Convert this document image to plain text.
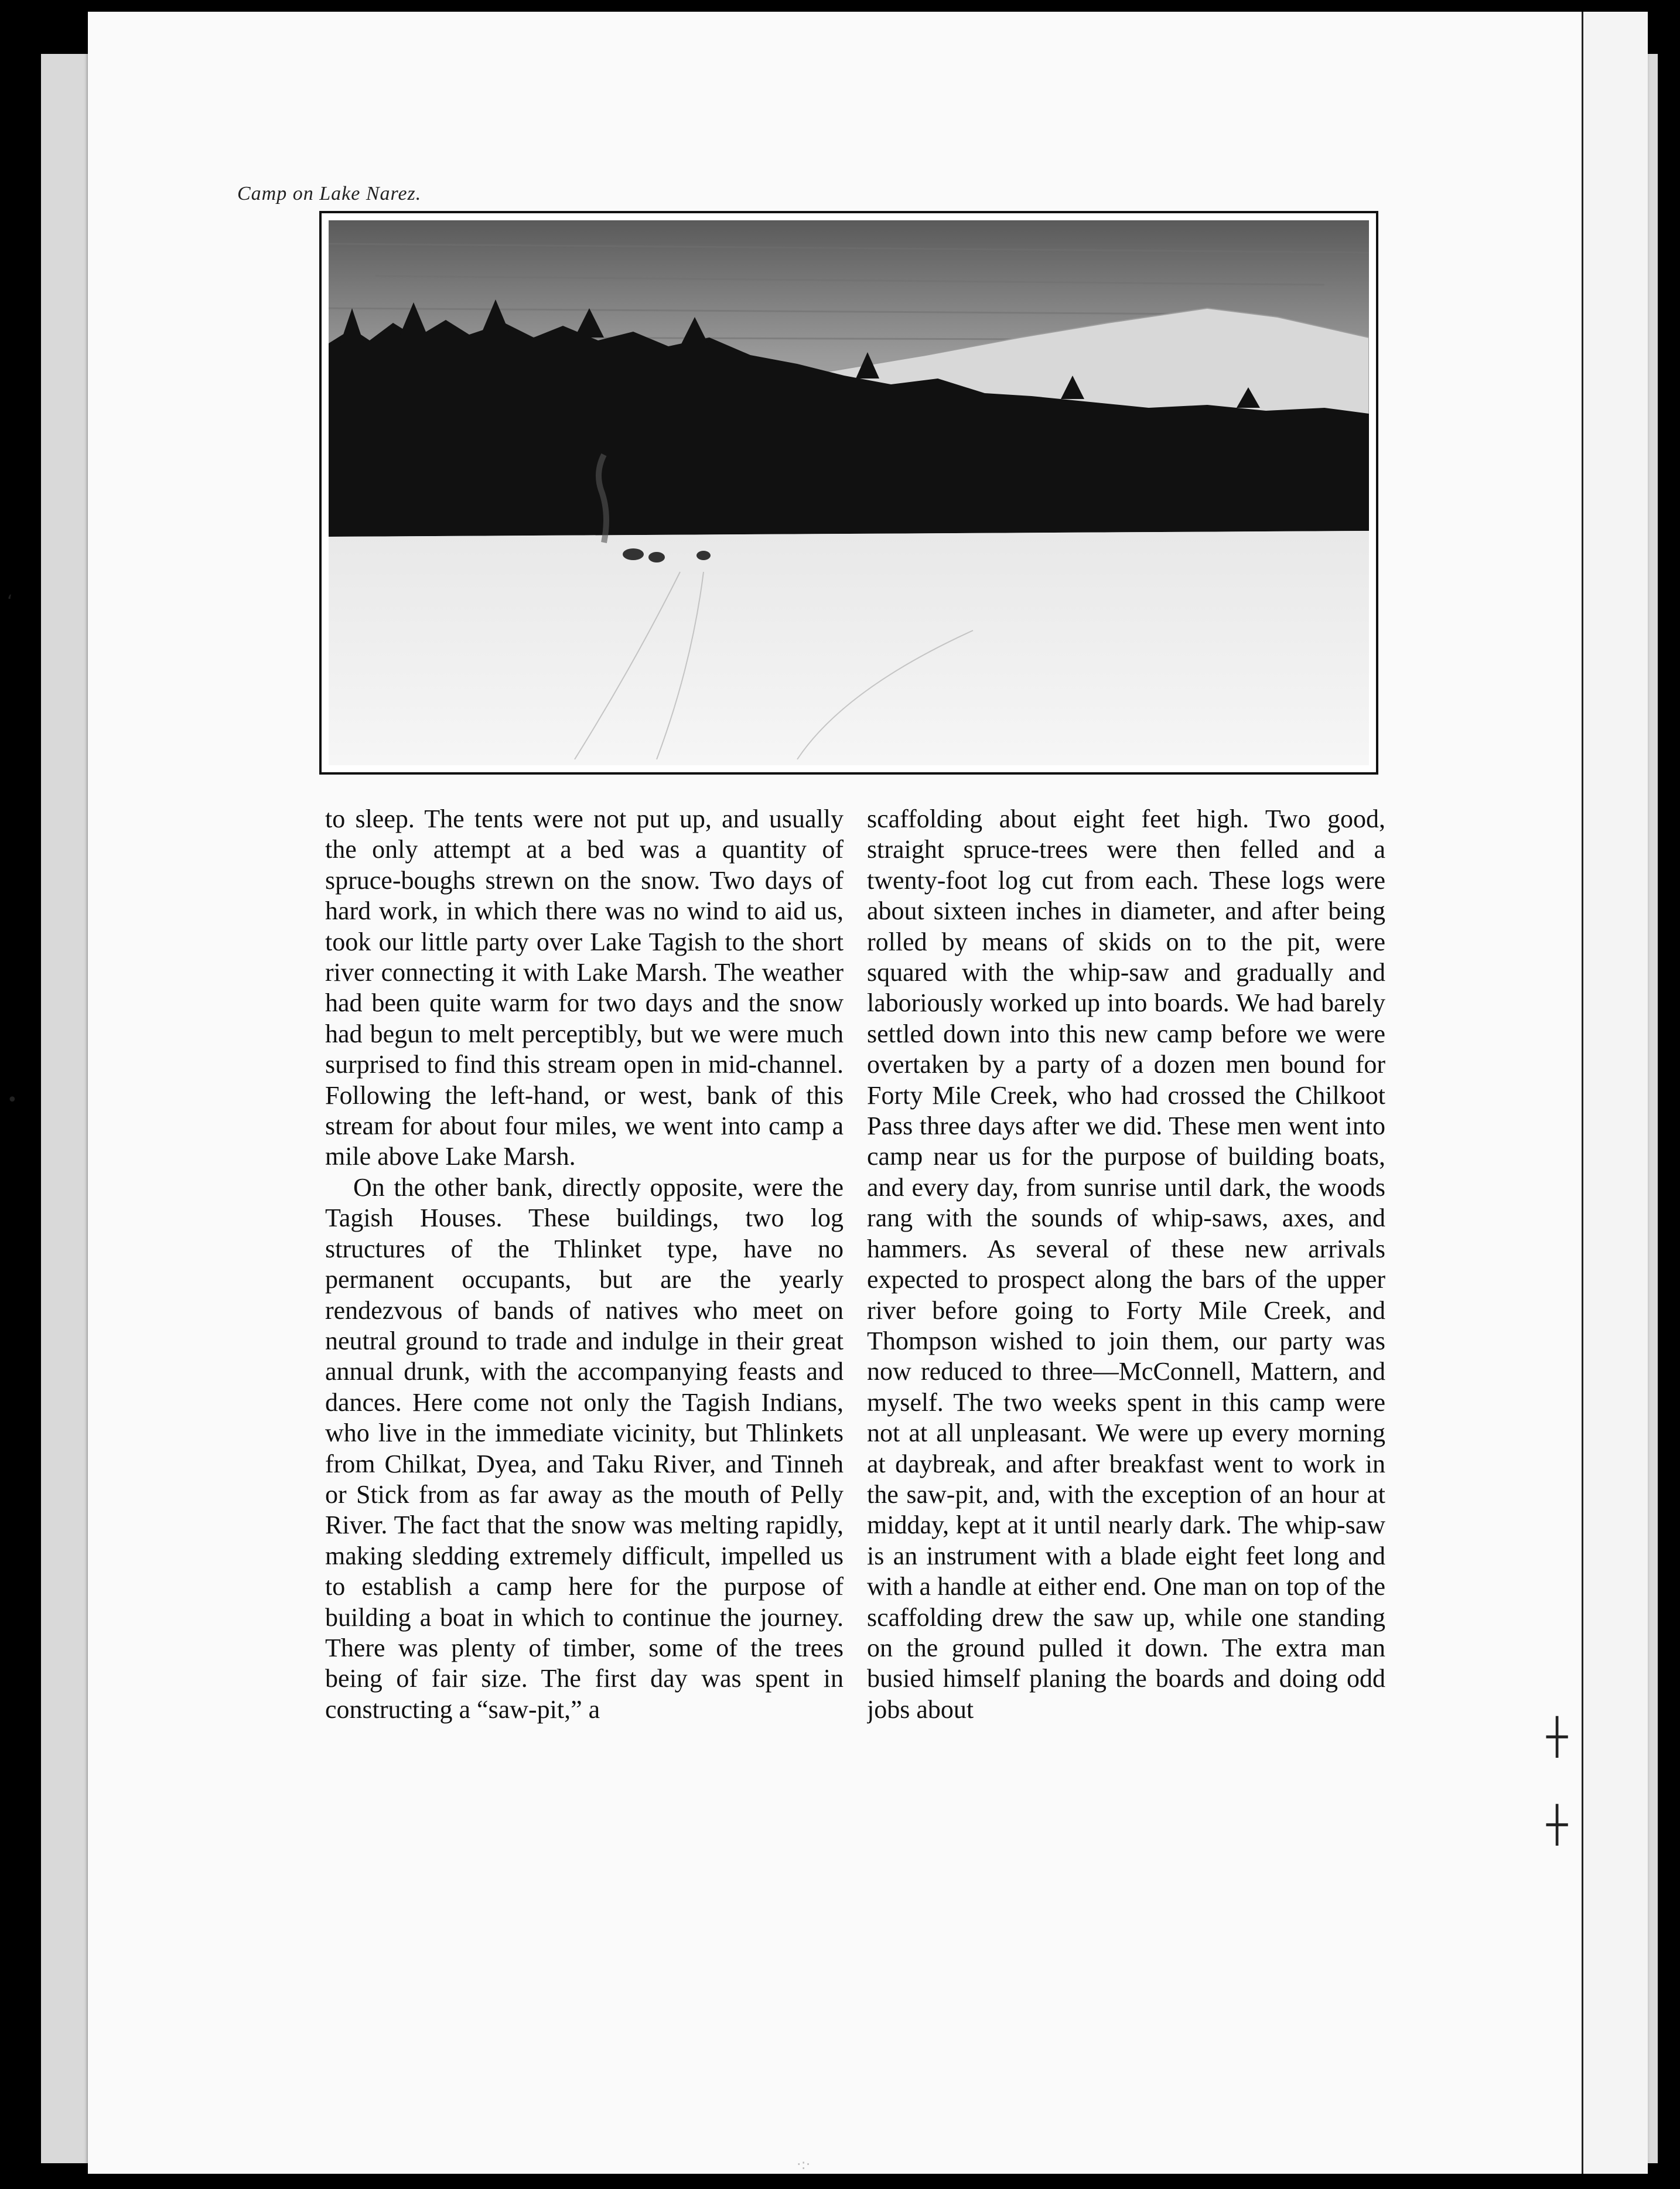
Camp on Lake Narez.

to sleep. The tents were not put up, and usually the only attempt at a bed was a quantity of spruce-boughs strewn on the snow. Two days of hard work, in which there was no wind to aid us, took our little party over Lake Tagish to the short river connecting it with Lake Marsh. The weather had been quite warm for two days and the snow had begun to melt perceptibly, but we were much surprised to find this stream open in mid-channel. Following the left-hand, or west, bank of this stream for about four miles, we went into camp a mile above Lake Marsh.

On the other bank, directly opposite, were the Tagish Houses. These buildings, two log structures of the Thlinket type, have no permanent occupants, but are the yearly rendezvous of bands of natives who meet on neutral ground to trade and indulge in their great annual drunk, with the accompanying feasts and dances. Here come not only the Tagish Indians, who live in the immediate vicinity, but Thlinkets from Chilkat, Dyea, and Taku River, and Tinneh or Stick from as far away as the mouth of Pelly River. The fact that the snow was melting rapidly, making sledding extremely difficult, impelled us to establish a camp here for the purpose of building a boat in which to continue the journey. There was plenty of timber, some of the trees being of fair size. The first day was spent in constructing a “saw-pit,” a

scaffolding about eight feet high. Two good, straight spruce-trees were then felled and a twenty-foot log cut from each. These logs were about sixteen inches in diameter, and after being rolled by means of skids on to the pit, were squared with the whip-saw and gradually and laboriously worked up into boards. We had barely settled down into this new camp before we were overtaken by a party of a dozen men bound for Forty Mile Creek, who had crossed the Chilkoot Pass three days after we did. These men went into camp near us for the purpose of building boats, and every day, from sunrise until dark, the woods rang with the sounds of whip-saws, axes, and hammers. As several of these new arrivals expected to prospect along the bars of the upper river before going to Forty Mile Creek, and Thompson wished to join them, our party was now reduced to three—McConnell, Mattern, and myself. The two weeks spent in this camp were not at all unpleasant. We were up every morning at daybreak, and after breakfast went to work in the saw-pit, and, with the exception of an hour at midday, kept at it until nearly dark. The whip-saw is an instrument with a blade eight feet long and with a handle at either end. One man on top of the scaffolding drew the saw up, while one standing on the ground pulled it down. The extra man busied himself planing the boards and doing odd jobs about

ʻ
•
┼
┼
·:·
